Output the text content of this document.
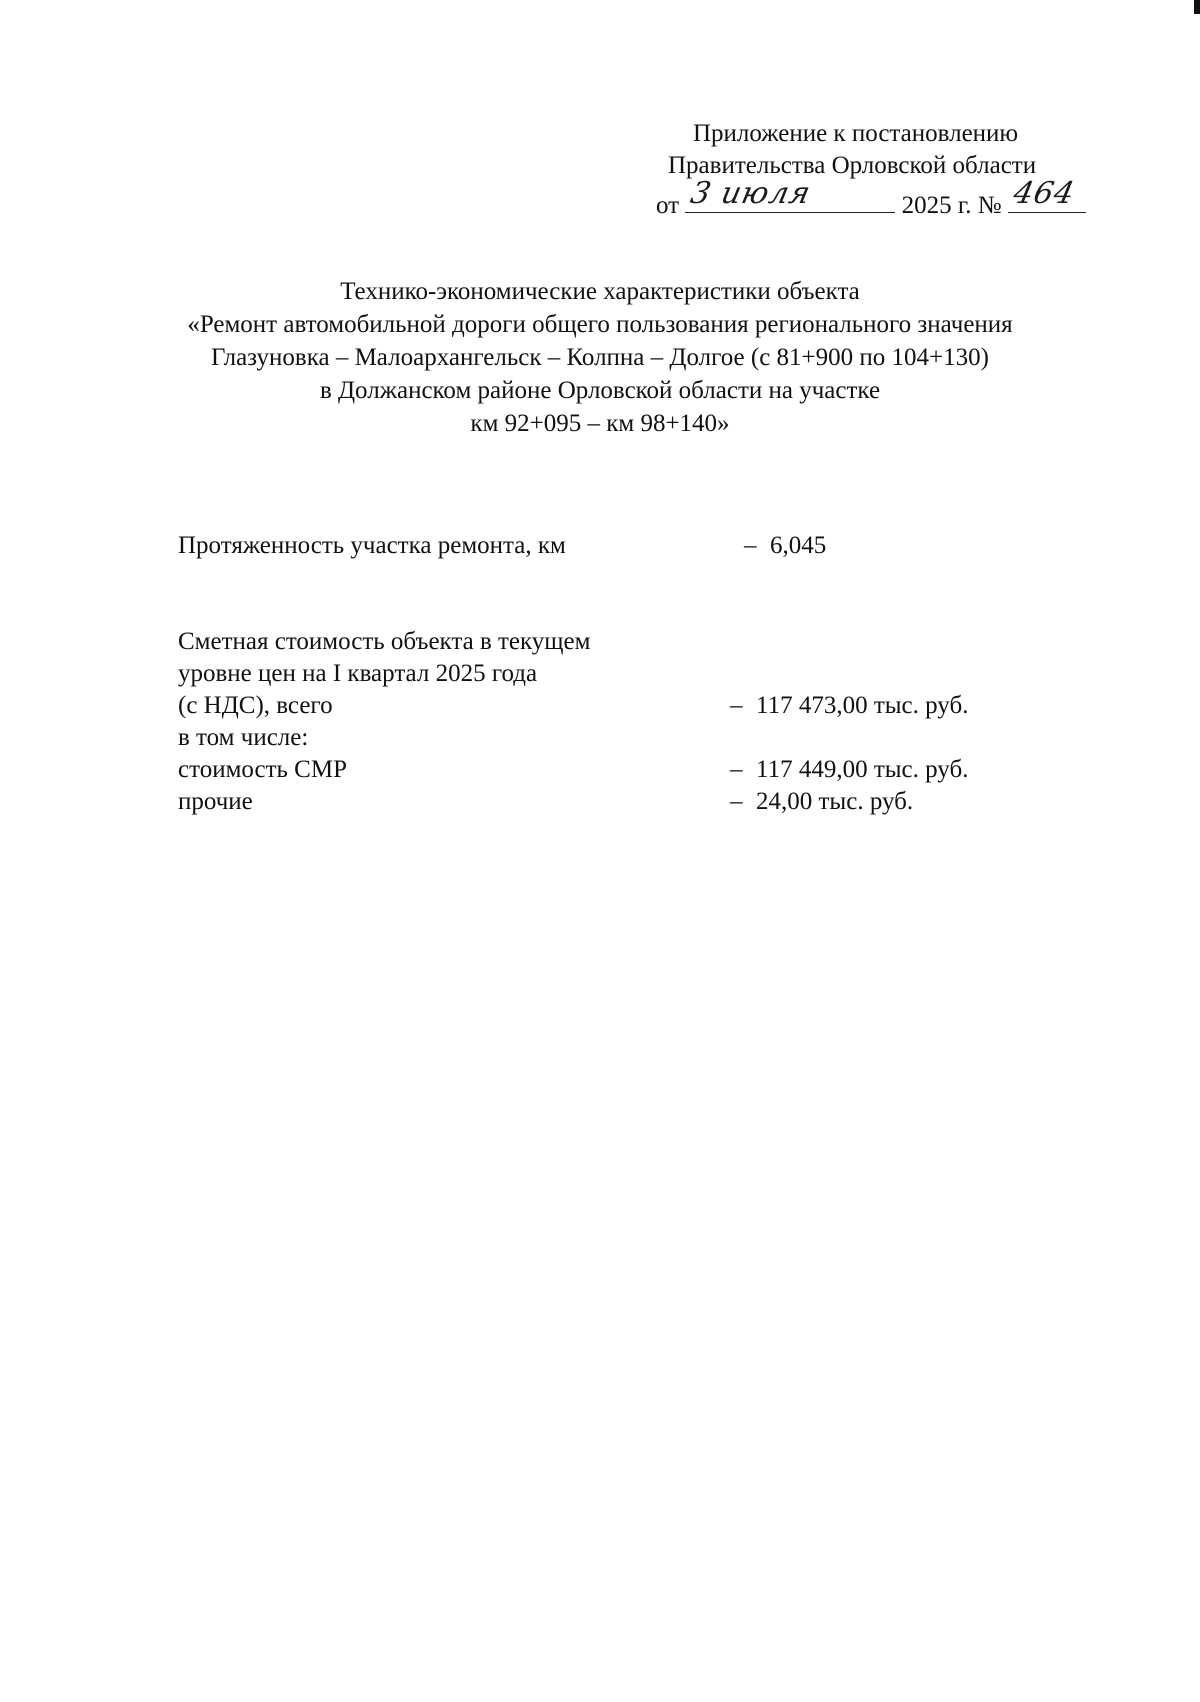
Приложение к постановлению
Правительства Орловской области
от 3 июля	2025 г. № 464
Технико-экономические характеристики объекта
«Ремонт автомобильной дороги общего пользования регионального значения
Глазуновка – Малоархангельск – Колпна – Долгое (с 81+900 по 104+130)
в Должанском районе Орловской области на участке
км 92+095 – км 98+140»
Протяженность участка ремонта, км	– 6,045
Сметная стоимость объекта в текущем
уровне цен на I квартал 2025 года
(с НДС), всего	– 117 473,00 тыс. руб.
в том числе:
стоимость СМР	– 117 449,00 тыс. руб.
прочие	– 24,00 тыс. руб.
